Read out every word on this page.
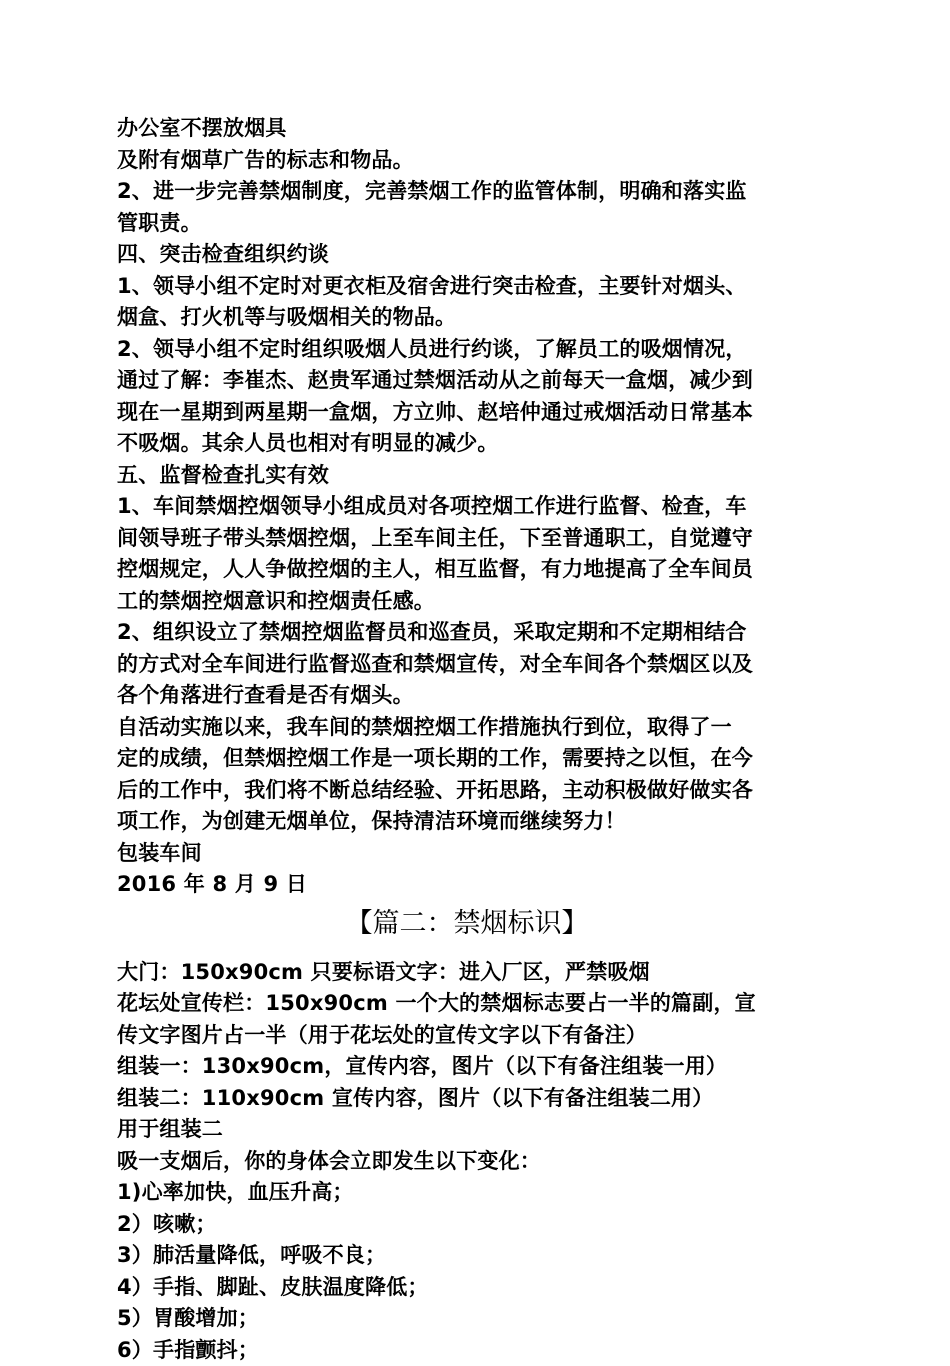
办公室不摆放烟具
及附有烟草广告的标志和物品。
2、进一步完善禁烟制度，完善禁烟工作的监管体制，明确和落实监
管职责。
四、突击检查组织约谈
1、领导小组不定时对更衣柜及宿舍进行突击检查，主要针对烟头、
烟盒、打火机等与吸烟相关的物品。
2、领导小组不定时组织吸烟人员进行约谈，了解员工的吸烟情况，
通过了解：李崔杰、赵贵军通过禁烟活动从之前每天一盒烟，减少到
现在一星期到两星期一盒烟，方立帅、赵培仲通过戒烟活动日常基本
不吸烟。其余人员也相对有明显的减少。
五、监督检查扎实有效
1、车间禁烟控烟领导小组成员对各项控烟工作进行监督、检查，车
间领导班子带头禁烟控烟，上至车间主任，下至普通职工，自觉遵守
控烟规定，人人争做控烟的主人，相互监督，有力地提高了全车间员
工的禁烟控烟意识和控烟责任感。
2、组织设立了禁烟控烟监督员和巡查员，采取定期和不定期相结合
的方式对全车间进行监督巡查和禁烟宣传，对全车间各个禁烟区以及
各个角落进行查看是否有烟头。
自活动实施以来，我车间的禁烟控烟工作措施执行到位，取得了一
定的成绩，但禁烟控烟工作是一项长期的工作，需要持之以恒，在今
后的工作中，我们将不断总结经验、开拓思路，主动积极做好做实各
项工作，为创建无烟单位，保持清洁环境而继续努力！
包装车间
2016 年 8 月 9 日
【篇二：禁烟标识】
大门：150x90cm 只要标语文字：进入厂区，严禁吸烟
花坛处宣传栏：150x90cm 一个大的禁烟标志要占一半的篇副，宣
传文字图片占一半（用于花坛处的宣传文字以下有备注）
组装一：130x90cm，宣传内容，图片（以下有备注组装一用）
组装二：110x90cm 宣传内容，图片（以下有备注组装二用）
用于组装二
吸一支烟后，你的身体会立即发生以下变化：
1)心率加快，血压升高；
2）咳嗽；
3）肺活量降低，呼吸不良；
4）手指、脚趾、皮肤温度降低；
5）胃酸增加；
6）手指颤抖；
